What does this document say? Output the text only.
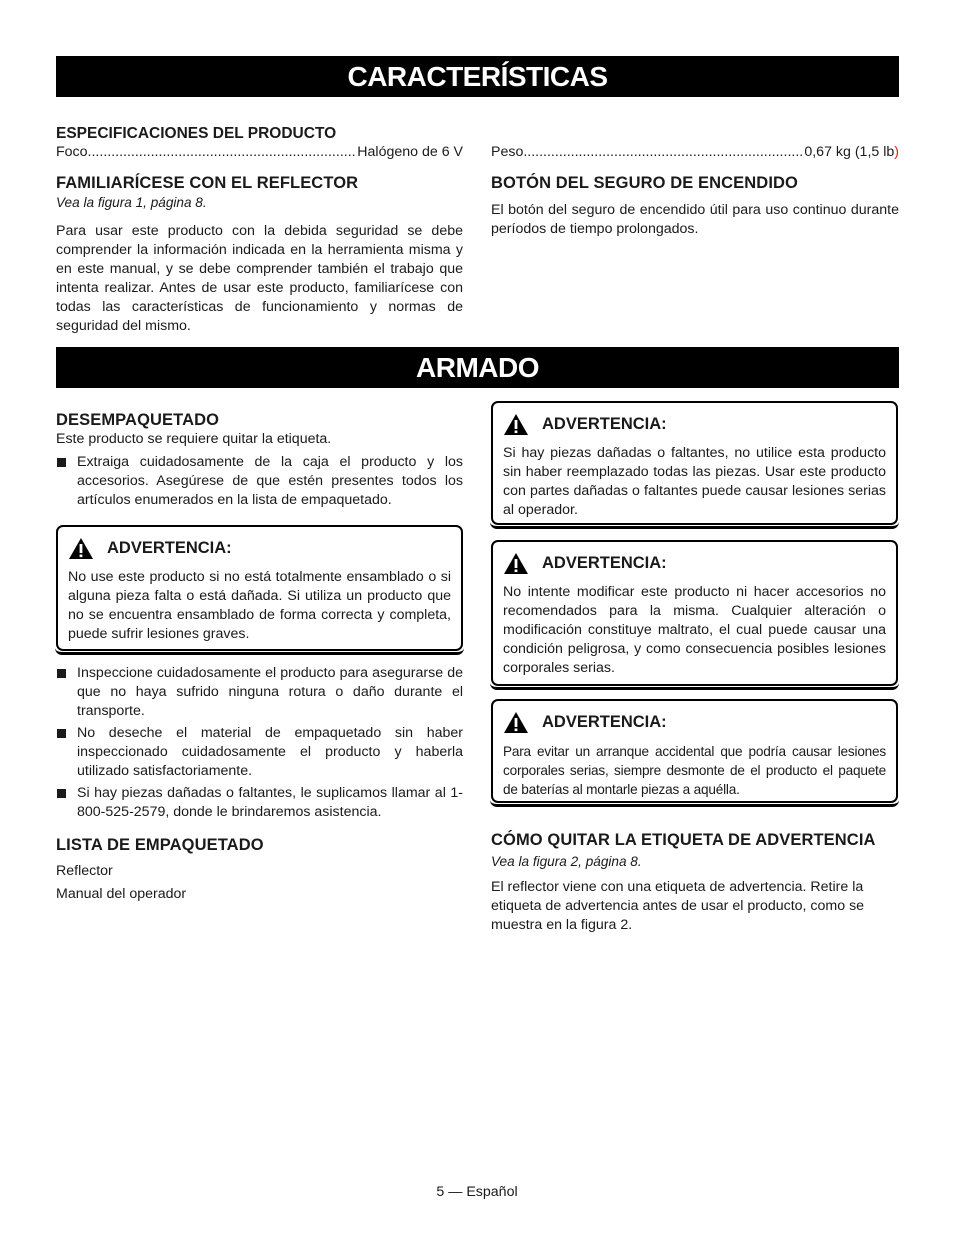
CARACTERÍSTICAS

ESPECIFICACIONES DEL PRODUCTO

Foco .....	Halógeno de 6 V

FAMILIARÍCESE CON EL REFLECTOR

Vea la figura 1, página 8.

Para usar este producto con la debida seguridad se debe comprender la información indicada en la herramienta misma y en este manual, y se debe comprender también el trabajo que intenta realizar. Antes de usar este producto, familiarícese con todas las características de funcionamiento y normas de seguridad del mismo.

Peso .....	0,67 kg (1,5 lb)

BOTÓN DEL SEGURO DE ENCENDIDO

El botón del seguro de encendido útil para uso continuo durante períodos de tiempo prolongados.

ARMADO

DESEMPAQUETADO

Este producto se requiere quitar la etiqueta.

Extraiga cuidadosamente de la caja el producto y los accesorios. Asegúrese de que estén presentes todos los artículos enumerados en la lista de empaquetado.
ADVERTENCIA:

No use este producto si no está totalmente ensamblado o si alguna pieza falta o está dañada. Si utiliza un producto que no se encuentra ensamblado de forma correcta y completa, puede sufrir lesiones graves.

Inspeccione cuidadosamente el producto para asegurarse de que no haya sufrido ninguna rotura o daño durante el transporte.
No deseche el material de empaquetado sin haber inspeccionado cuidadosamente el producto y haberla utilizado satisfactoriamente.
Si hay piezas dañadas o faltantes, le suplicamos llamar al 1-800-525-2579, donde le brindaremos asistencia.

LISTA DE EMPAQUETADO

Reflector

Manual del operador

ADVERTENCIA:

Si hay piezas dañadas o faltantes, no utilice esta producto sin haber reemplazado todas las piezas. Usar este producto con partes dañadas o faltantes puede causar lesiones serias al operador.

ADVERTENCIA:

No intente modificar este producto ni hacer accesorios no recomendados para la misma. Cualquier alteración o modificación constituye maltrato, el cual puede causar una condición peligrosa, y como consecuencia posibles lesiones corporales serias.

ADVERTENCIA:

Para evitar un arranque accidental que podría causar lesiones corporales serias, siempre desmonte de el producto el paquete de baterías al montarle piezas a aquélla.

CÓMO QUITAR LA ETIQUETA DE ADVERTENCIA

Vea la figura 2, página 8.

El reflector viene con una etiqueta de advertencia. Retire la etiqueta de advertencia antes de usar el producto, como se muestra en la figura 2.

5 — Español
